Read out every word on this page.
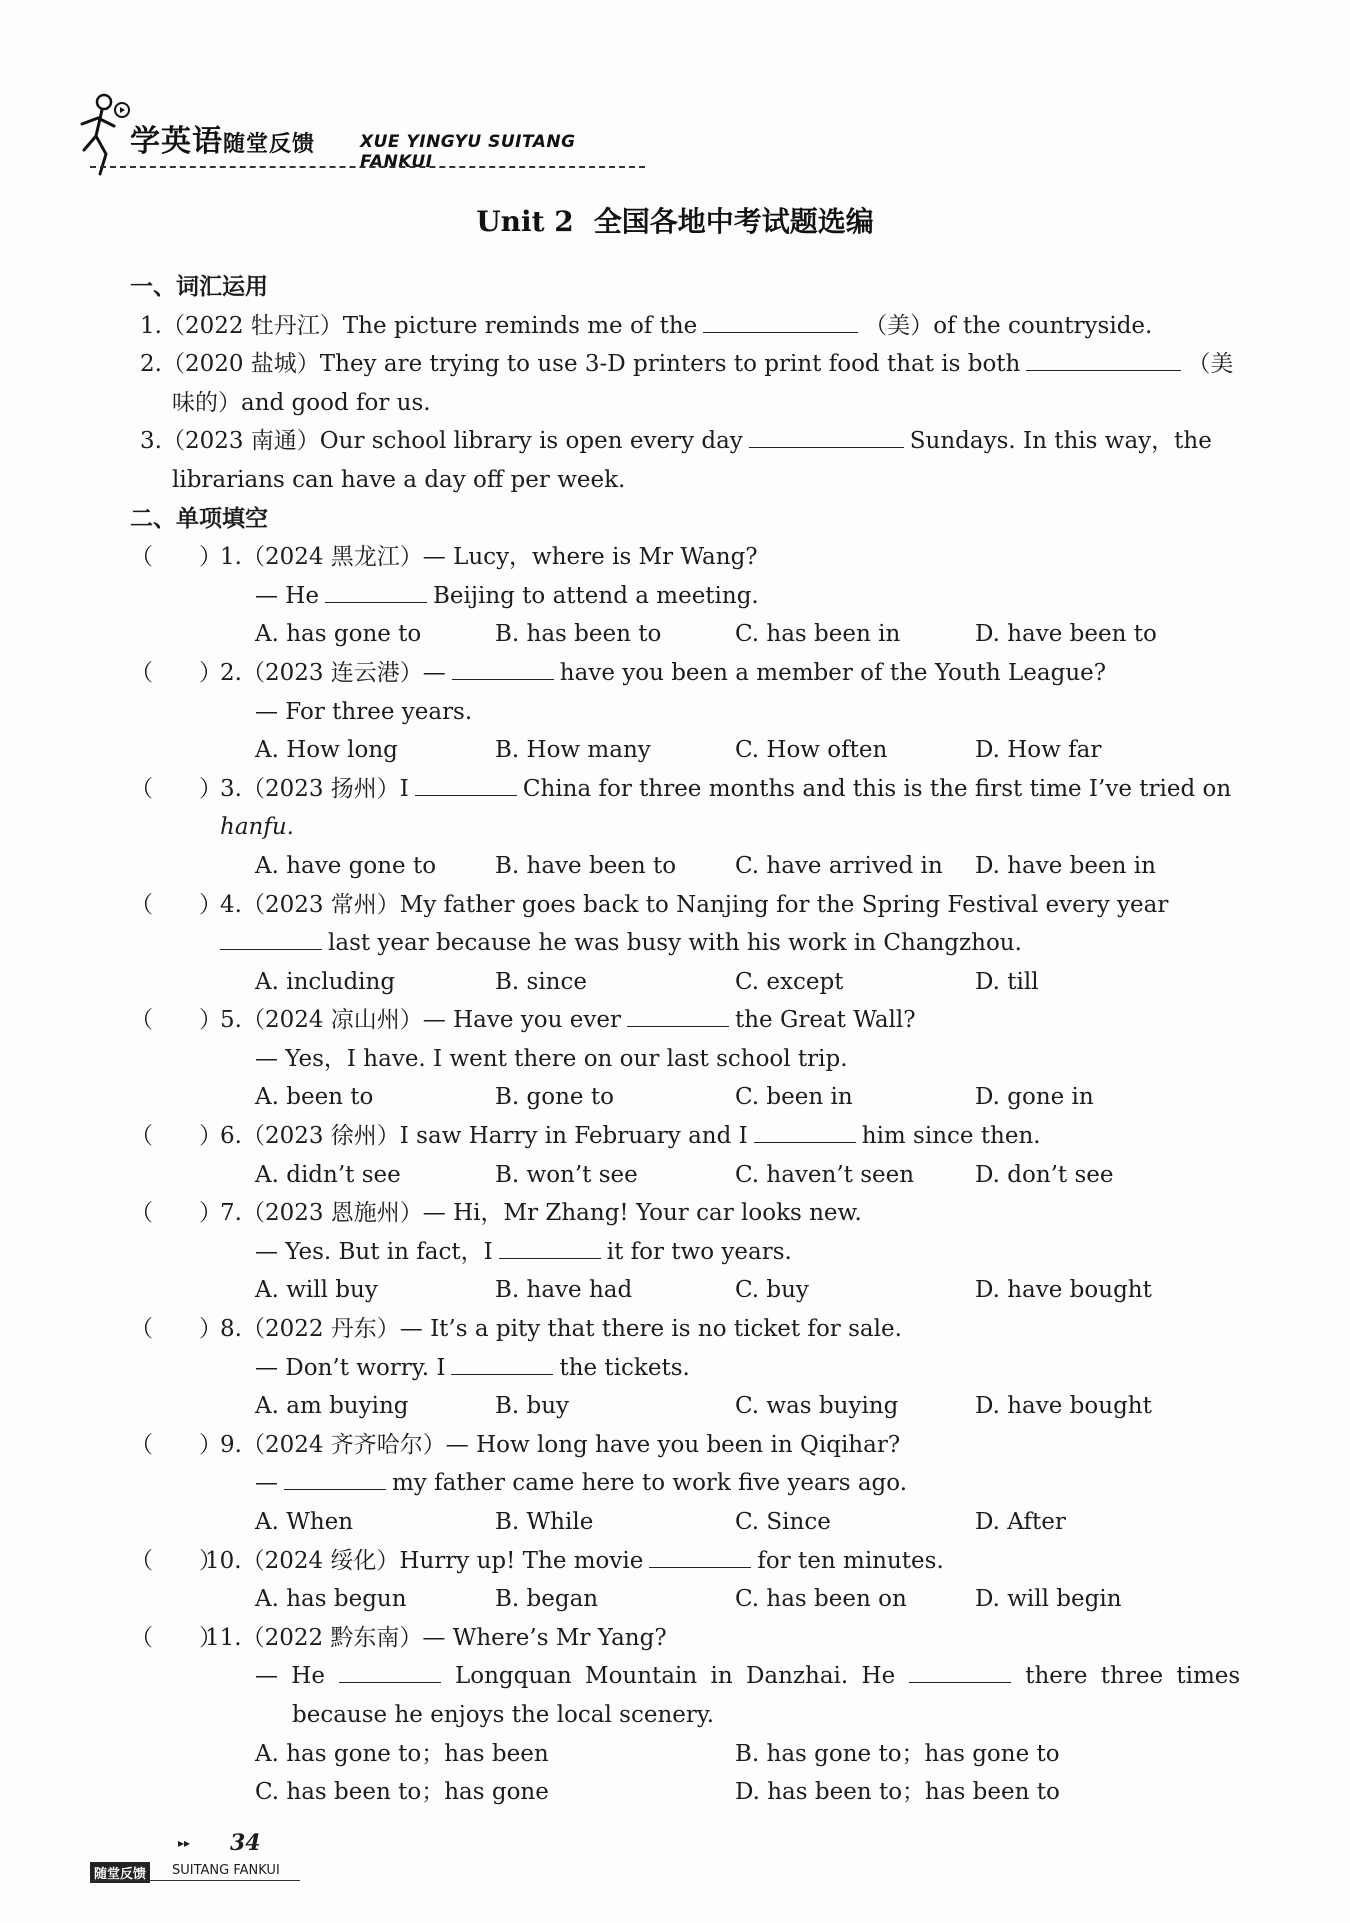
学英语随堂反馈	XUE YINGYU SUITANG FANKUI
Unit 2 全国各地中考试题选编
一、词汇运用
1.（2022 牡丹江）The picture reminds me of the	（美）of the countryside.
2.（2020 盐城）They are trying to use 3-D printers to print food that is both	（美
味的）and good for us.
3.（2023 南通）Our school library is open every day	Sundays. In this way，the
librarians can have a day off per week.
二、单项填空
（　　）
1.（2024 黑龙江）— Lucy，where is Mr Wang?
— He	Beijing to attend a meeting.
A. has gone to	B. has been to	C. has been in	D. have been to
（　　）
2.（2023 连云港）—	have you been a member of the Youth League?
— For three years.
A. How long	B. How many	C. How often	D. How far
（　　）
3.（2023 扬州）I	China for three months and this is the first time I’ve tried on
hanfu.
A. have gone to	B. have been to	C. have arrived in	D. have been in
（　　）
4.（2023 常州）My father goes back to Nanjing for the Spring Festival every year
last year because he was busy with his work in Changzhou.
A. including	B. since	C. except	D. till
（　　）
5.（2024 凉山州）— Have you ever	the Great Wall?
— Yes，I have. I went there on our last school trip.
A. been to	B. gone to	C. been in	D. gone in
（　　）
6.（2023 徐州）I saw Harry in February and I	him since then.
A. didn’t see	B. won’t see	C. haven’t seen	D. don’t see
（　　）
7.（2023 恩施州）— Hi，Mr Zhang! Your car looks new.
— Yes. But in fact，I	it for two years.
A. will buy	B. have had	C. buy	D. have bought
（　　）
8.（2022 丹东）— It’s a pity that there is no ticket for sale.
— Don’t worry. I	the tickets.
A. am buying	B. buy	C. was buying	D. have bought
（　　）
9.（2024 齐齐哈尔）— How long have you been in Qiqihar?
—	my father came here to work five years ago.
A. When	B. While	C. Since	D. After
（　　）
10.（2024 绥化）Hurry up! The movie	for ten minutes.
A. has begun	B. began	C. has been on	D. will begin
（　　）
11.（2022 黔东南）— Where’s Mr Yang?
— He	Longquan Mountain in Danzhai. He	there three times
because he enjoys the local scenery.
A. has gone to；has been	B. has gone to；has gone to
C. has been to；has gone	D. has been to；has been to
▸▸ 34
随堂反馈	SUITANG FANKUI
